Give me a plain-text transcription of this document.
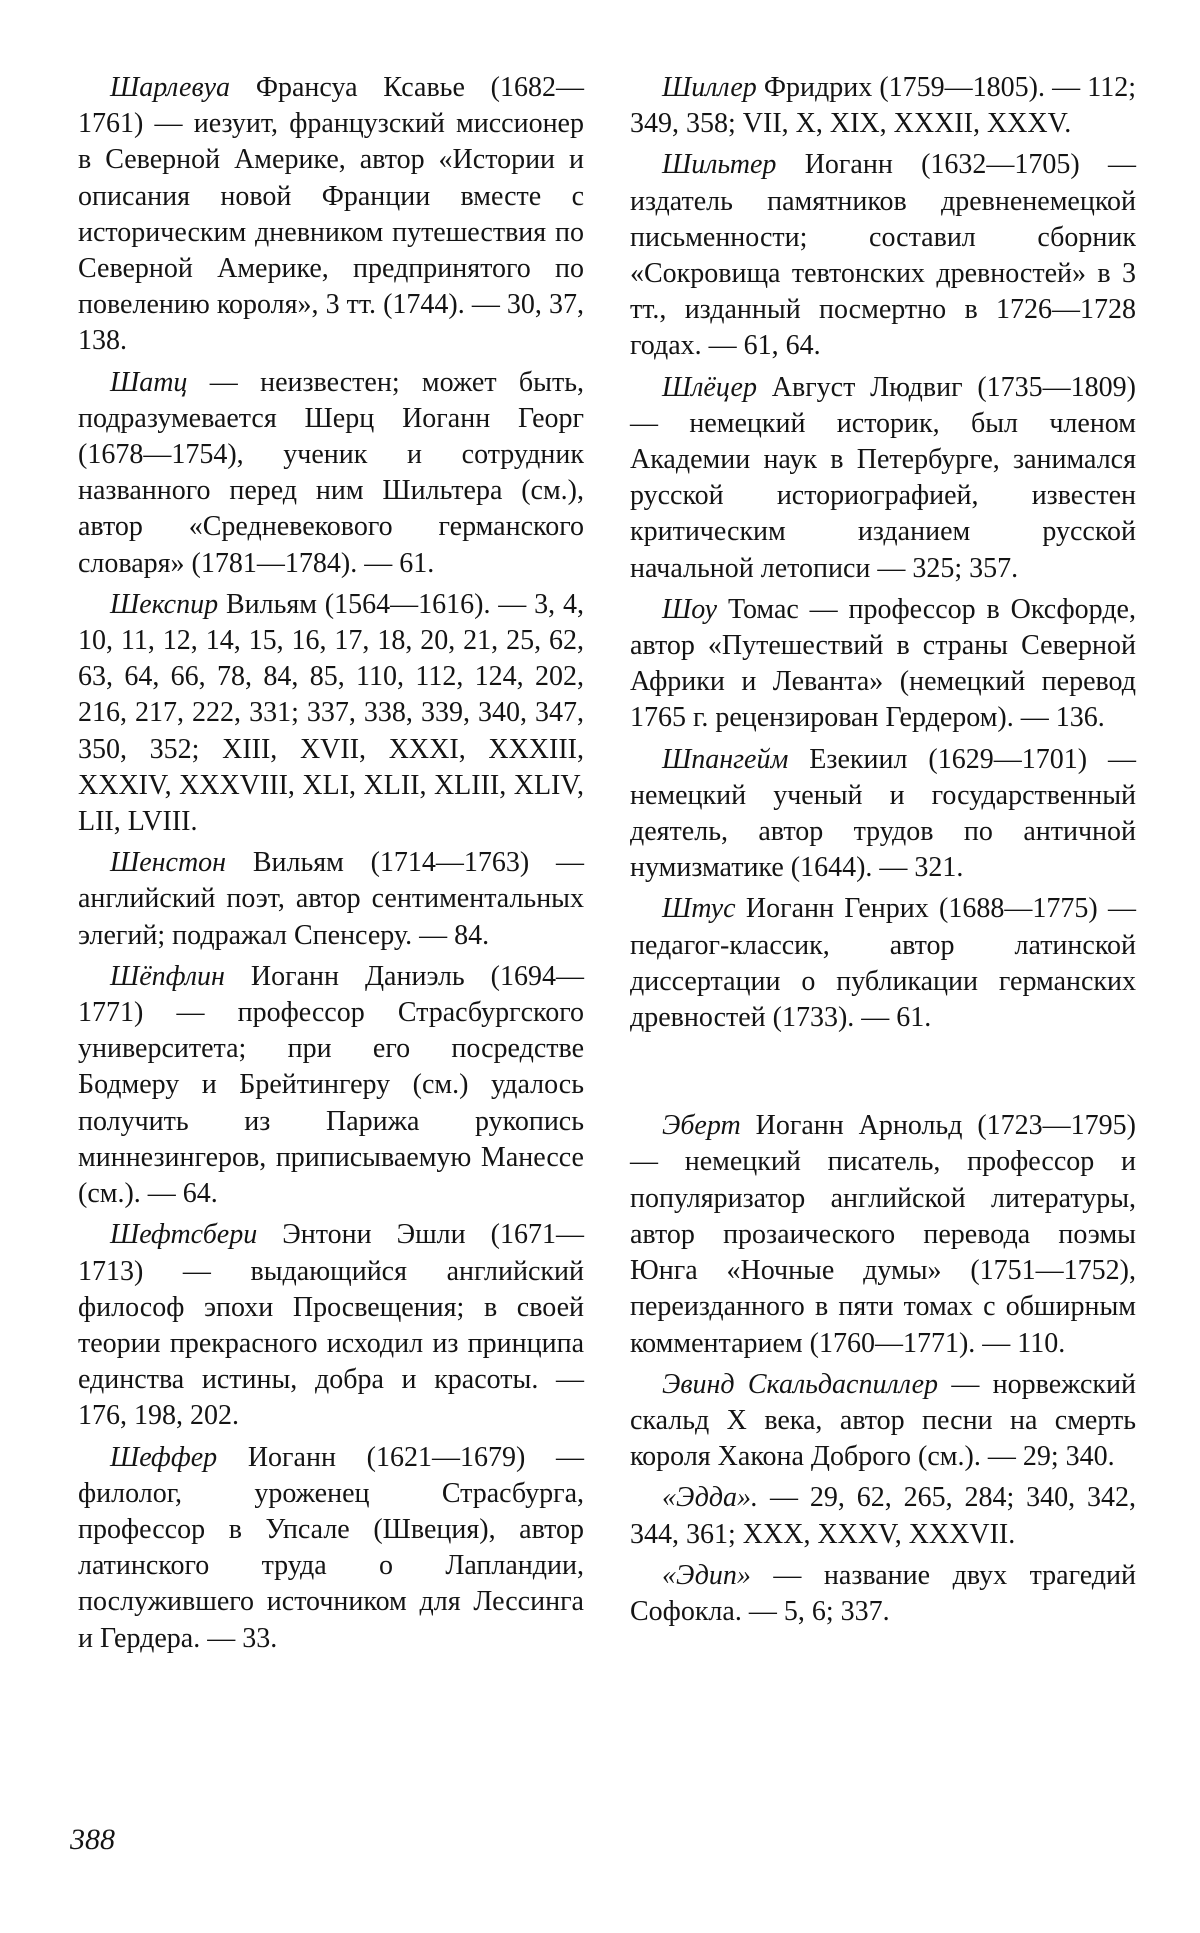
Шарлевуа Франсуа Ксавье (1682—1761) — иезуит, французский миссионер в Северной Америке, автор «Истории и описания новой Франции вместе с историческим дневником путешествия по Северной Америке, предпринятого по повелению короля», 3 тт. (1744). — 30, 37, 138.

Шатц — неизвестен; может быть, подразумевается Шерц Иоганн Георг (1678—1754), ученик и сотрудник названного перед ним Шильтера (см.), автор «Средневекового германского словаря» (1781—1784). — 61.

Шекспир Вильям (1564—1616). — 3, 4, 10, 11, 12, 14, 15, 16, 17, 18, 20, 21, 25, 62, 63, 64, 66, 78, 84, 85, 110, 112, 124, 202, 216, 217, 222, 331; 337, 338, 339, 340, 347, 350, 352; XIII, XVII, XXXI, XXXIII, XXXIV, XXXVIII, XLI, XLII, XLIII, XLIV, LII, LVIII.

Шенстон Вильям (1714—1763) — английский поэт, автор сентиментальных элегий; подражал Спенсеру. — 84.

Шёпфлин Иоганн Даниэль (1694—1771) — профессор Страсбургского университета; при его посредстве Бодмеру и Брейтингеру (см.) удалось получить из Парижа рукопись миннезингеров, приписываемую Манессе (см.). — 64.

Шефтсбери Энтони Эшли (1671—1713) — выдающийся английский философ эпохи Просвещения; в своей теории прекрасного исходил из принципа единства истины, добра и красоты. — 176, 198, 202.

Шеффер Иоганн (1621—1679) — филолог, уроженец Страсбурга, профессор в Упсале (Швеция), автор латинского труда о Лапландии, послужившего источником для Лессинга и Гердера. — 33.

Шиллер Фридрих (1759—1805). — 112; 349, 358; VII, X, XIX, XXXII, XXXV.

Шильтер Иоганн (1632—1705) — издатель памятников древненемецкой письменности; составил сборник «Сокровища тевтонских древностей» в 3 тт., изданный посмертно в 1726—1728 годах. — 61, 64.

Шлёцер Август Людвиг (1735—1809) — немецкий историк, был членом Академии наук в Петербурге, занимался русской историографией, известен критическим изданием русской начальной летописи — 325; 357.

Шоу Томас — профессор в Оксфорде, автор «Путешествий в страны Северной Африки и Леванта» (немецкий перевод 1765 г. рецензирован Гердером). — 136.

Шпангейм Езекиил (1629—1701) — немецкий ученый и государственный деятель, автор трудов по античной нумизматике (1644). — 321.

Штус Иоганн Генрих (1688—1775) — педагог-классик, автор латинской диссертации о публикации германских древностей (1733). — 61.

Эберт Иоганн Арнольд (1723—1795) — немецкий писатель, профессор и популяризатор английской литературы, автор прозаического перевода поэмы Юнга «Ночные думы» (1751—1752), переизданного в пяти томах с обширным комментарием (1760—1771). — 110.

Эвинд Скальдаспиллер — норвежский скальд X века, автор песни на смерть короля Хакона Доброго (см.). — 29; 340.

«Эдда». — 29, 62, 265, 284; 340, 342, 344, 361; XXX, XXXV, XXXVII.

«Эдип» — название двух трагедий Софокла. — 5, 6; 337.

388
